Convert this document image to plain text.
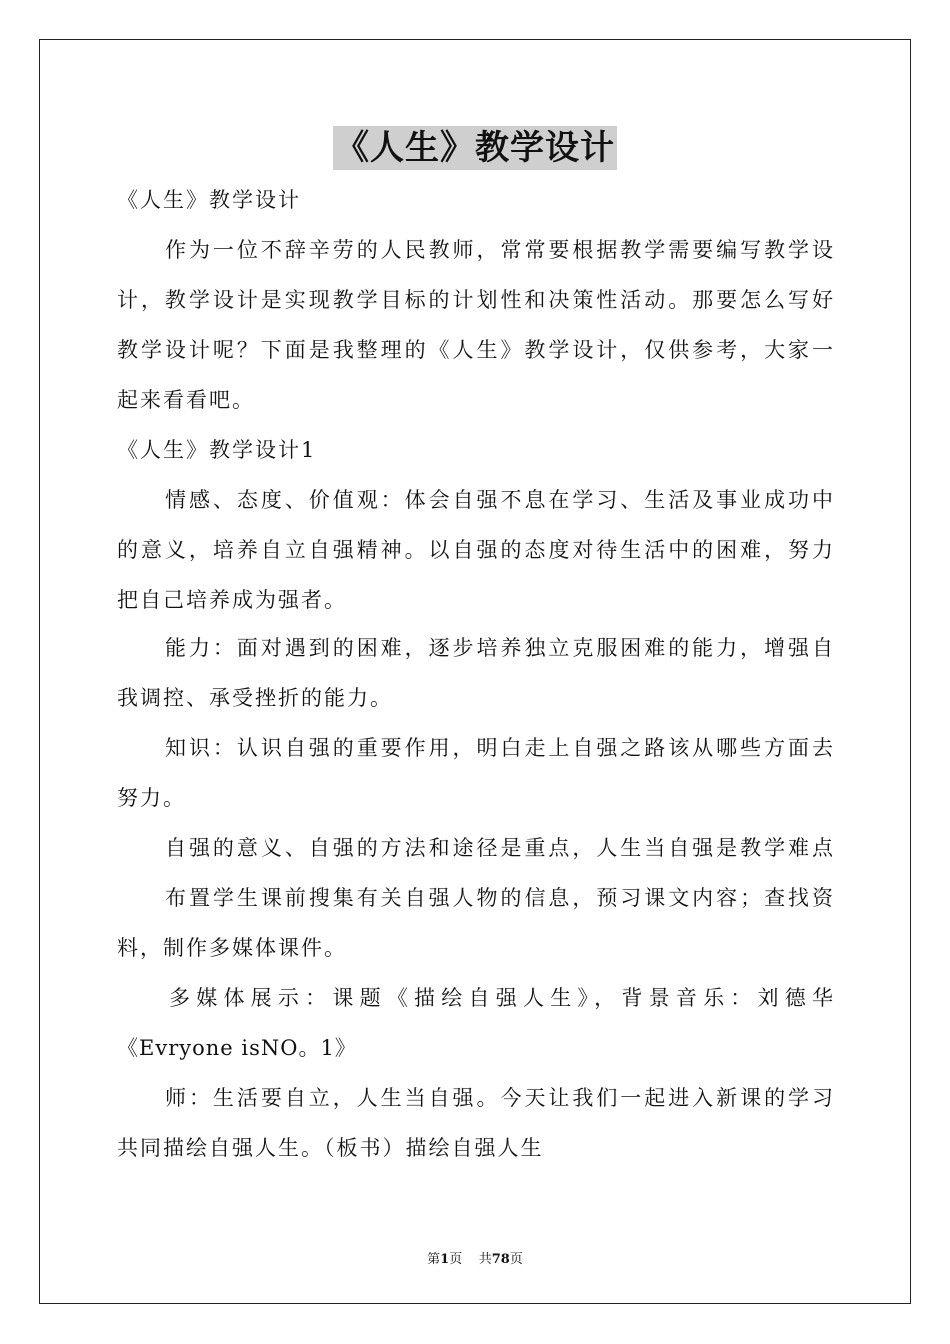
《人生》教学设计
《人生》教学设计
作为一位不辞辛劳的人民教师，常常要根据教学需要编写教学设
计，教学设计是实现教学目标的计划性和决策性活动。那要怎么写好
教学设计呢？下面是我整理的《人生》教学设计，仅供参考，大家一
起来看看吧。
《人生》教学设计1
情感、态度、价值观：体会自强不息在学习、生活及事业成功中
的意义，培养自立自强精神。以自强的态度对待生活中的困难，努力
把自己培养成为强者。
能力：面对遇到的困难，逐步培养独立克服困难的能力，增强自
我调控、承受挫折的能力。
知识：认识自强的重要作用，明白走上自强之路该从哪些方面去
努力。
自强的意义、自强的方法和途径是重点，人生当自强是教学难点
布置学生课前搜集有关自强人物的信息，预习课文内容；查找资
料，制作多媒体课件。
多媒体展示：课题《描绘自强人生》，背景音乐：刘德华
《Evryone isNO。1》
师：生活要自立，人生当自强。今天让我们一起进入新课的学习
共同描绘自强人生。（板书）描绘自强人生
第1页 共78页
